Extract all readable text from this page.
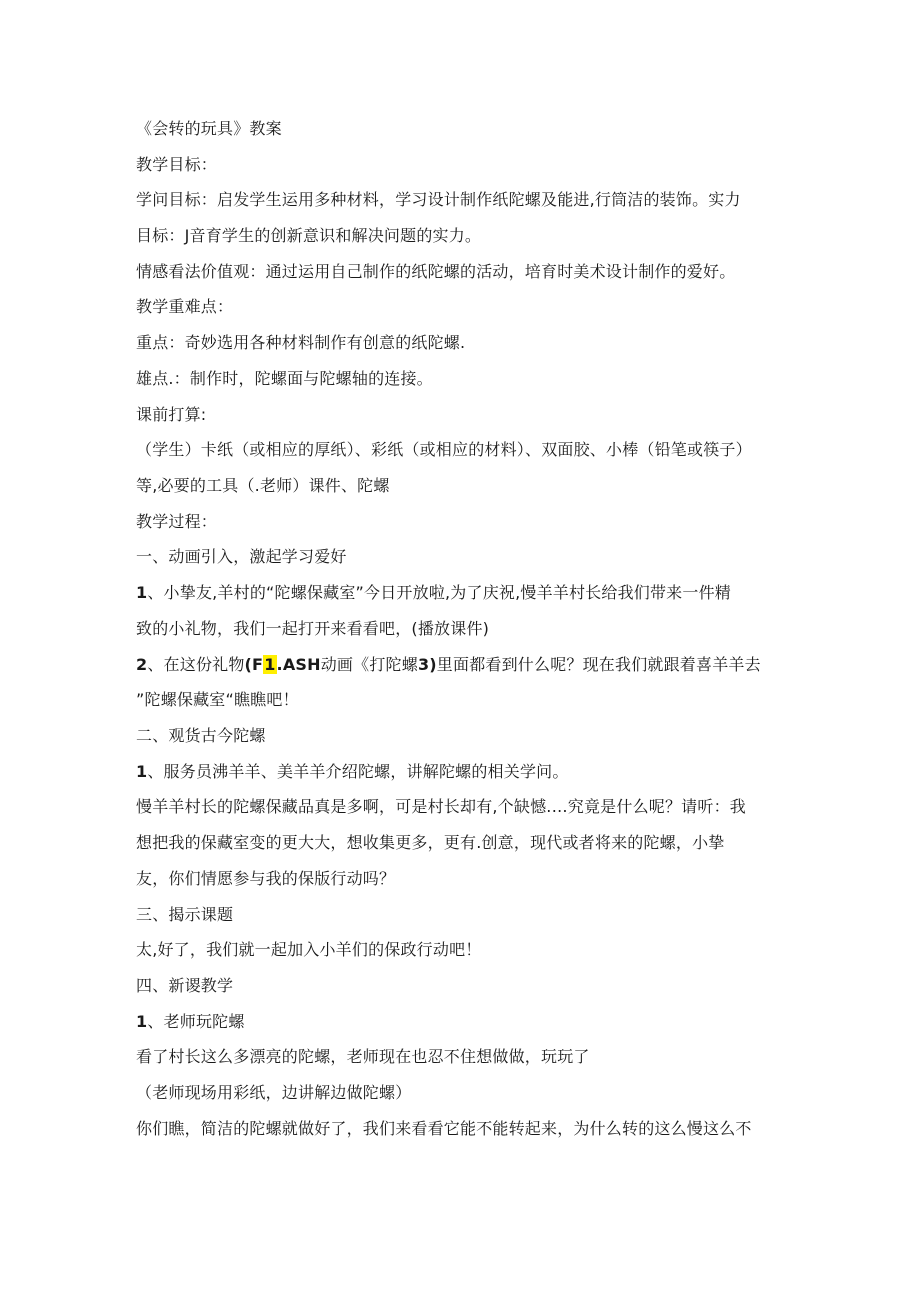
《会转的玩具》教案

教学目标：

学问目标：启发学生运用多种材料，学习设计制作纸陀螺及能进,行筒洁的装饰。实力

目标：J音育学生的创新意识和解决问题的实力。

情感看法价值观：通过运用自己制作的纸陀螺的活动，培育时美术设计制作的爱好。

教学重难点：

重点：奇妙选用各种材料制作有创意的纸陀螺.

雄点.：制作时，陀螺面与陀螺轴的连接。

课前打算:

（学生）卡纸（或相应的厚纸）、彩纸（或相应的材料）、双面胶、小棒（铅笔或筷子）

等,必要的工具（.老师）课件、陀螺

教学过程：

一、动画引入，激起学习爱好

1、小挚友,羊村的“陀螺保藏室”今日开放啦,为了庆祝,慢羊羊村长给我们带来一件精

致的小礼物，我们一起打开来看看吧，(播放课件)

2、在这份礼物(F1.ASH动画《打陀螺3)里面都看到什么呢？现在我们就跟着喜羊羊去

”陀螺保藏室“瞧瞧吧！

二、观货古今陀螺

1、服务员沸羊羊、美羊羊介绍陀螺，讲解陀螺的相关学问。

慢羊羊村长的陀螺保藏品真是多啊，可是村长却有,个缺憾.…究竟是什么呢？请听：我

想把我的保藏室变的更大大，想收集更多，更有.创意，现代或者将来的陀螺，小挚

友，你们情愿参与我的保版行动吗？

三、揭示课题

太,好了，我们就一起加入小羊们的保政行动吧！

四、新谡教学

1、老师玩陀螺

看了村长这么多漂亮的陀螺，老师现在也忍不住想做做，玩玩了

（老师现场用彩纸，边讲解边做陀螺）

你们瞧，简洁的陀螺就做好了，我们来看看它能不能转起来，为什么转的这么慢这么不
